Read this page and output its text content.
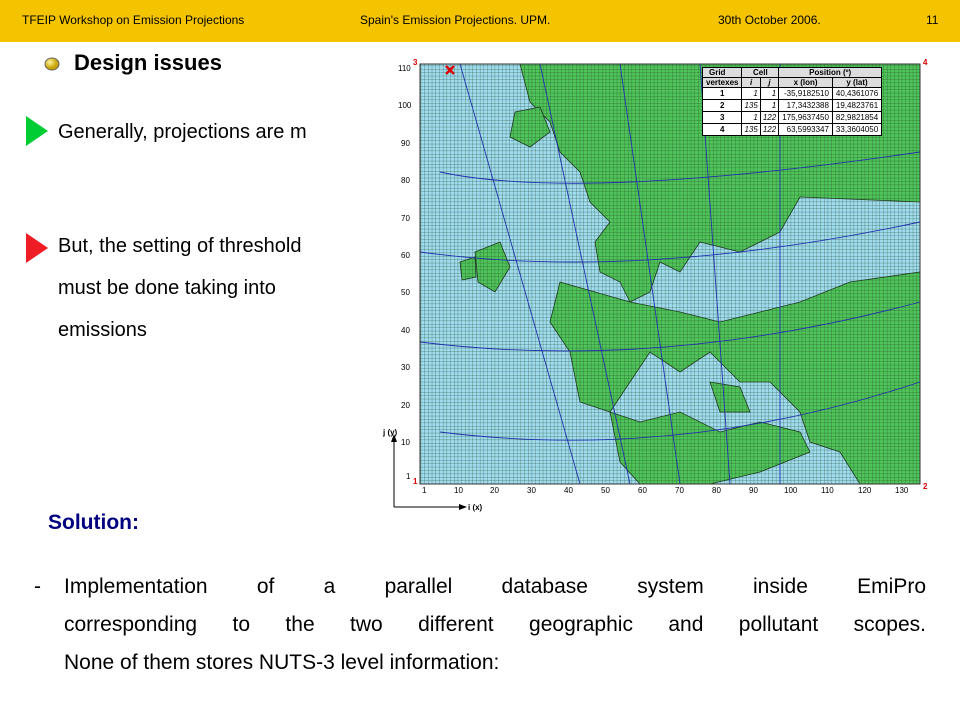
TFEIP Workshop on Emission Projections	Spain's Emission Projections. UPM.	30th October 2006.	11
Design issues
Generally, projections are m
But, the setting of threshold
must be done taking into
emissions
110
100
90
80
70
60
50
40
30
20
10
1
1	10	20	30	40	50	60	70	80	90	100	110	120	130
j (y)
i (x)
1
2
3	4
Grid	Cell		Position (º)	
vertexes	i	j	x (lon)	y (lat)
1	1	1	-35,9182510	40,4361076
2	135	1	17,3432388	19,4823761
3	1	122	175,9637450	82,9821854
4	135	122	63,5993347	33,3604050
Solution:
- Implementation of a parallel database system inside EmiPro
corresponding to the two different geographic and pollutant scopes.
None of them stores NUTS-3 level information:
